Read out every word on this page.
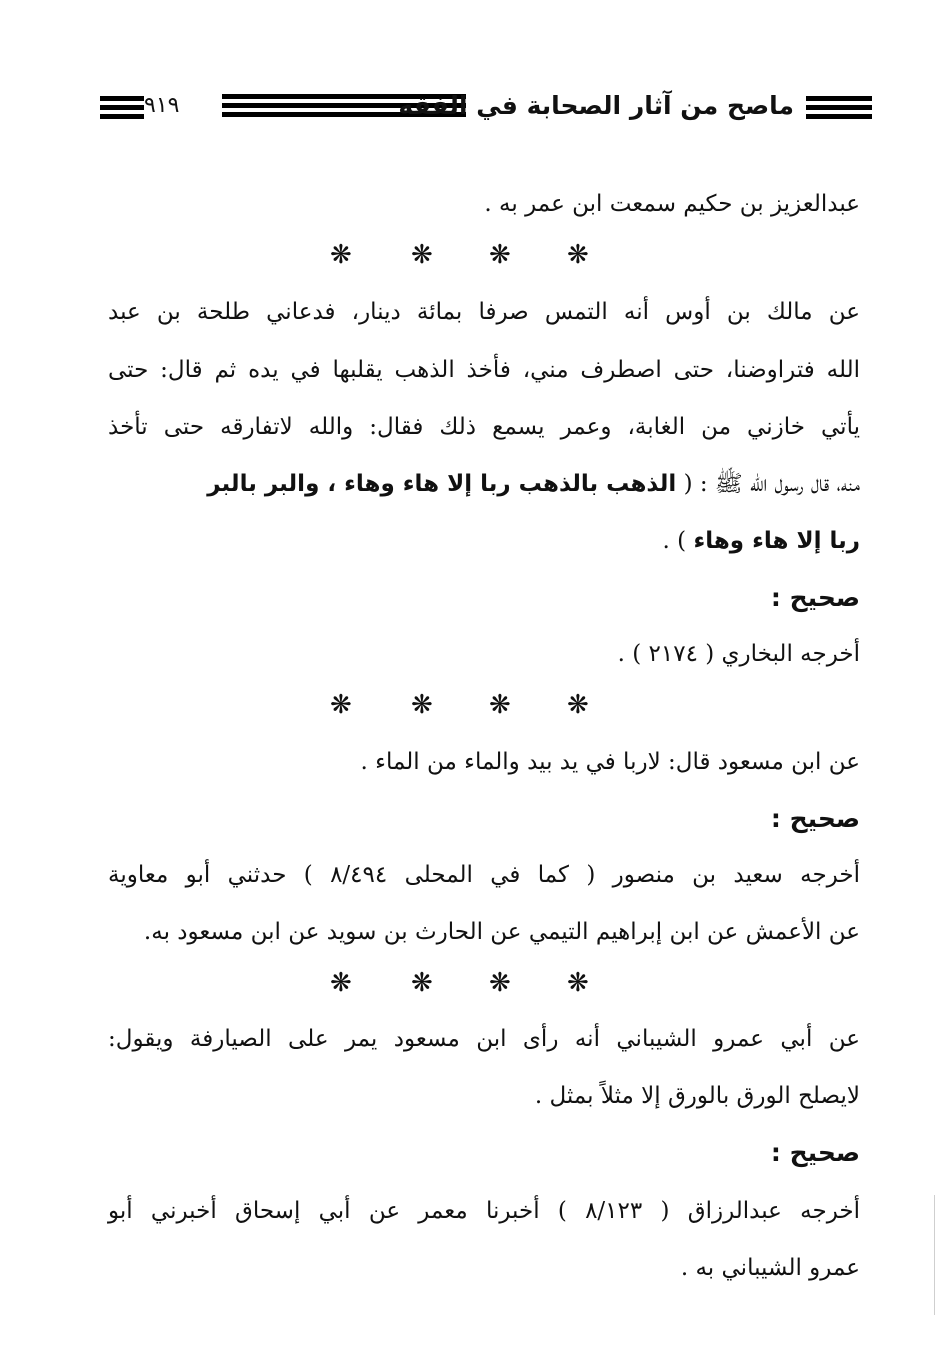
ماصح من آثار الصحابة في الفقه
٩١٩
عبدالعزيز بن حكيم سمعت ابن عمر به .
❋ ❋ ❋ ❋
عن مالك بن أوس أنه التمس صرفا بمائة دينار، فدعاني طلحة بن عبد
الله فتراوضنا، حتى اصطرف مني، فأخذ الذهب يقلبها في يده ثم قال: حتى
يأتي خازني من الغابة، وعمر يسمع ذلك فقال: والله لاتفارقه حتى تأخذ
منه، قال رسول الله ﷺ : ( الذهب بالذهب ربا إلا هاء وهاء ، والبر بالبر
ربا إلا هاء وهاء ) .
صحيح :
أخرجه البخاري ( ٢١٧٤ ) .
❋ ❋ ❋ ❋
عن ابن مسعود قال: لاربا في يد بيد والماء من الماء .
صحيح :
أخرجه سعيد بن منصور ( كما في المحلى ٨/٤٩٤ ) حدثني أبو معاوية
عن الأعمش عن ابن إبراهيم التيمي عن الحارث بن سويد عن ابن مسعود به.
❋ ❋ ❋ ❋
عن أبي عمرو الشيباني أنه رأى ابن مسعود يمر على الصيارفة ويقول:
لايصلح الورق بالورق إلا مثلاً بمثل .
صحيح :
أخرجه عبدالرزاق ( ٨/١٢٣ ) أخبرنا معمر عن أبي إسحاق أخبرني أبو
عمرو الشيباني به .
